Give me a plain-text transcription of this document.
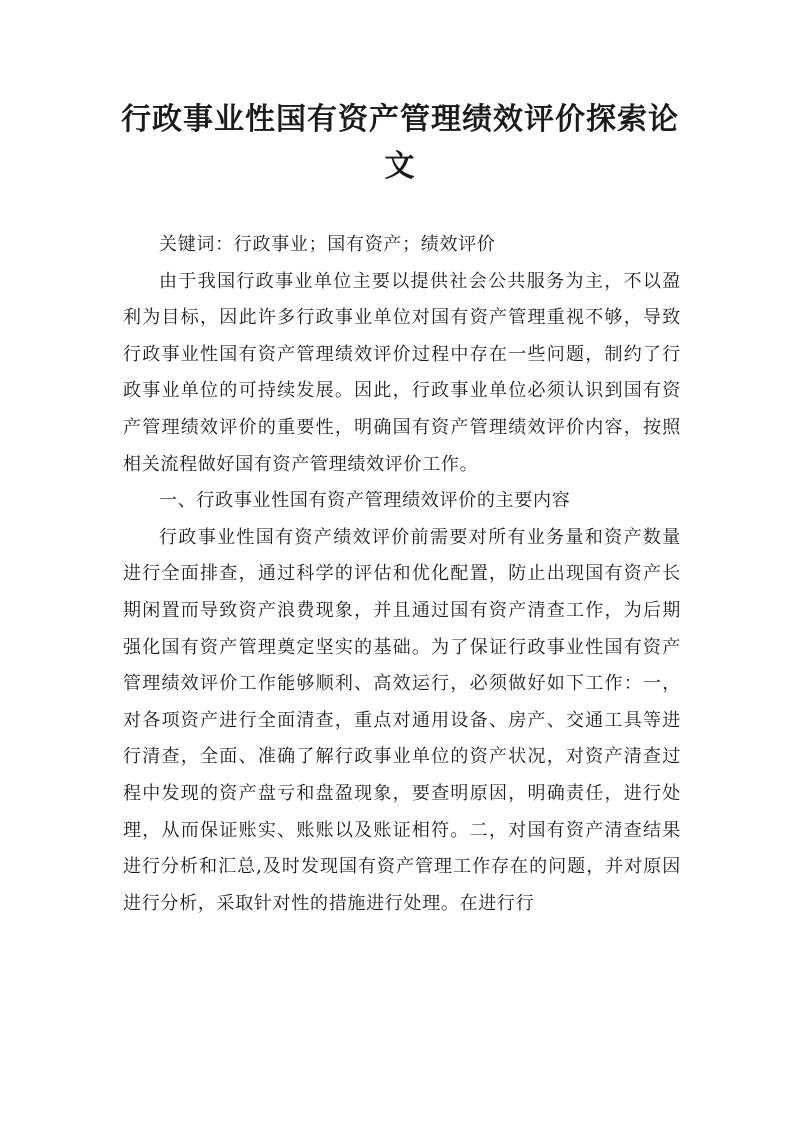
行政事业性国有资产管理绩效评价探索论文

关键词：行政事业；国有资产；绩效评价

由于我国行政事业单位主要以提供社会公共服务为主，不以盈利为目标，因此许多行政事业单位对国有资产管理重视不够，导致行政事业性国有资产管理绩效评价过程中存在一些问题，制约了行政事业单位的可持续发展。因此，行政事业单位必须认识到国有资产管理绩效评价的重要性，明确国有资产管理绩效评价内容，按照相关流程做好国有资产管理绩效评价工作。

一、行政事业性国有资产管理绩效评价的主要内容

行政事业性国有资产绩效评价前需要对所有业务量和资产数量进行全面排查，通过科学的评估和优化配置，防止出现国有资产长期闲置而导致资产浪费现象，并且通过国有资产清查工作，为后期强化国有资产管理奠定坚实的基础。为了保证行政事业性国有资产管理绩效评价工作能够顺利、高效运行，必须做好如下工作：一，对各项资产进行全面清查，重点对通用设备、房产、交通工具等进行清查，全面、准确了解行政事业单位的资产状况，对资产清查过程中发现的资产盘亏和盘盈现象，要查明原因，明确责任，进行处理，从而保证账实、账账以及账证相符。二，对国有资产清查结果进行分析和汇总,及时发现国有资产管理工作存在的问题，并对原因进行分析，采取针对性的措施进行处理。在进行行
